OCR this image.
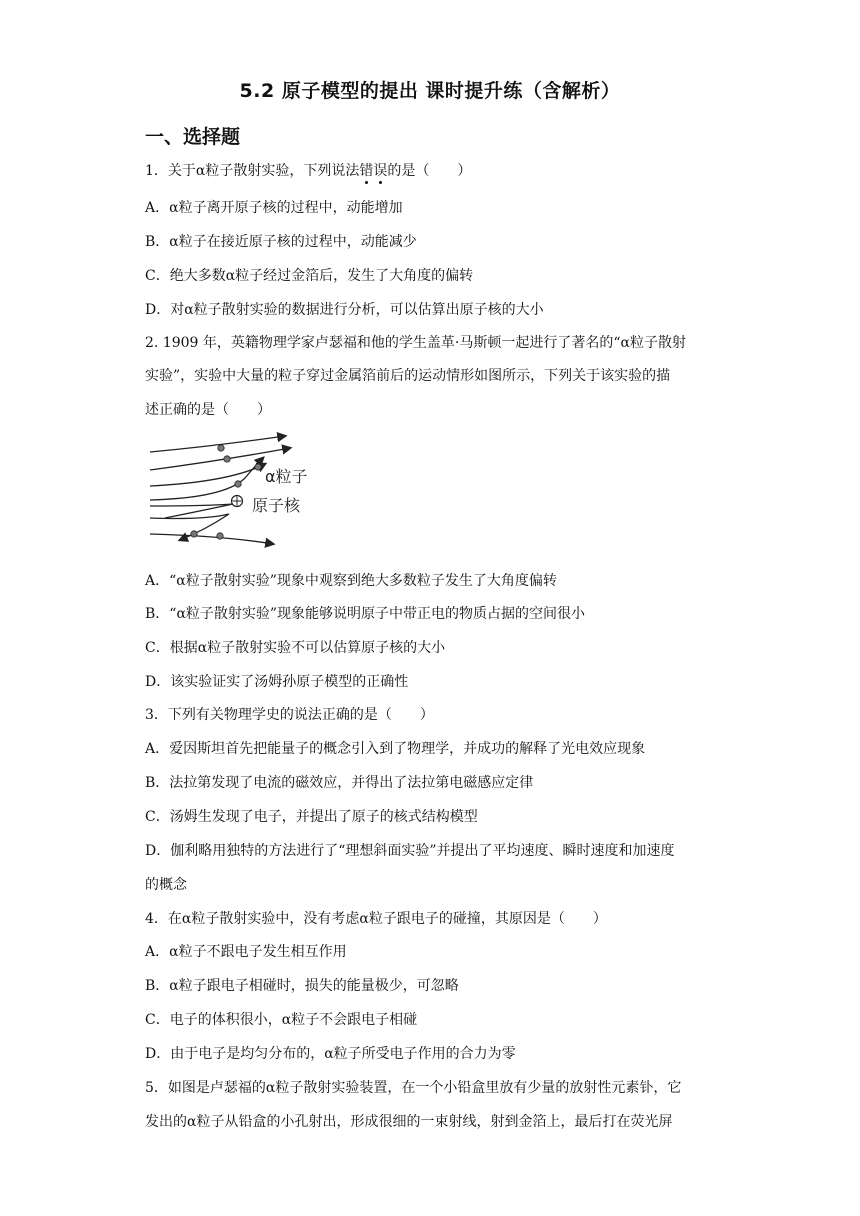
5.2 原子模型的提出 课时提升练（含解析）
一、选择题
1．关于α粒子散射实验，下列说法错误的是（　　）
A．α粒子离开原子核的过程中，动能增加
B．α粒子在接近原子核的过程中，动能减少
C．绝大多数α粒子经过金箔后，发生了大角度的偏转
D．对α粒子散射实验的数据进行分析，可以估算出原子核的大小
2. 1909 年，英籍物理学家卢瑟福和他的学生盖革·马斯顿一起进行了著名的“α粒子散射
实验”，实验中大量的粒子穿过金属箔前后的运动情形如图所示，下列关于该实验的描
述正确的是（　　）
α粒子
原子核
A．“α粒子散射实验”现象中观察到绝大多数粒子发生了大角度偏转
B．“α粒子散射实验”现象能够说明原子中带正电的物质占据的空间很小
C．根据α粒子散射实验不可以估算原子核的大小
D．该实验证实了汤姆孙原子模型的正确性
3．下列有关物理学史的说法正确的是（　　）
A．爱因斯坦首先把能量子的概念引入到了物理学，并成功的解释了光电效应现象
B．法拉第发现了电流的磁效应，并得出了法拉第电磁感应定律
C．汤姆生发现了电子，并提出了原子的核式结构模型
D．伽利略用独特的方法进行了“理想斜面实验”并提出了平均速度、瞬时速度和加速度
的概念
4．在α粒子散射实验中，没有考虑α粒子跟电子的碰撞，其原因是（　　）
A．α粒子不跟电子发生相互作用
B．α粒子跟电子相碰时，损失的能量极少，可忽略
C．电子的体积很小，α粒子不会跟电子相碰
D．由于电子是均匀分布的，α粒子所受电子作用的合力为零
5．如图是卢瑟福的α粒子散射实验装置，在一个小铅盒里放有少量的放射性元素钋，它
发出的α粒子从铅盒的小孔射出，形成很细的一束射线，射到金箔上，最后打在荧光屏
